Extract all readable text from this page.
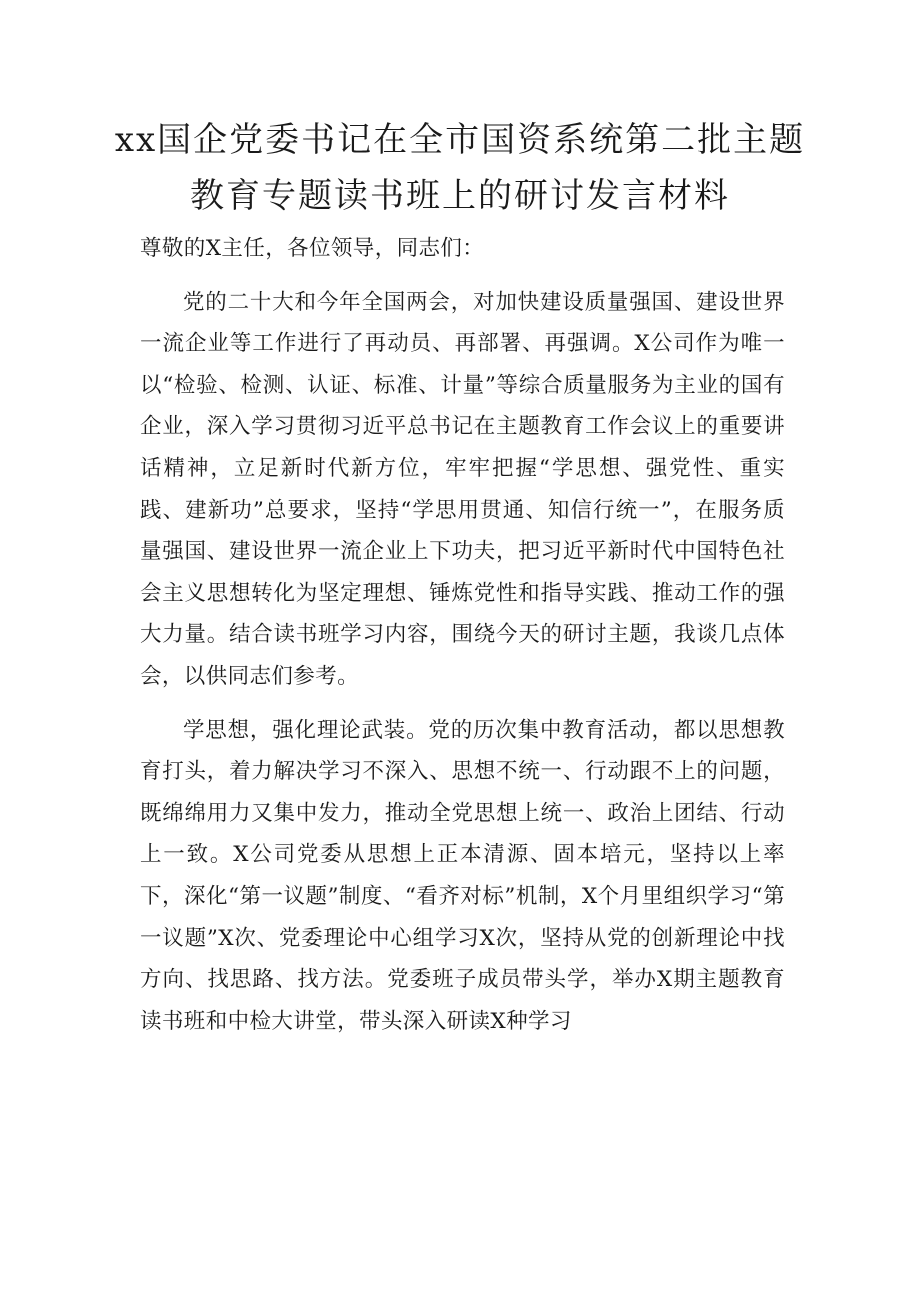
xx国企党委书记在全市国资系统第二批主题教育专题读书班上的研讨发言材料

尊敬的X主任，各位领导，同志们：

党的二十大和今年全国两会，对加快建设质量强国、建设世界一流企业等工作进行了再动员、再部署、再强调。X公司作为唯一以“检验、检测、认证、标准、计量”等综合质量服务为主业的国有企业，深入学习贯彻习近平总书记在主题教育工作会议上的重要讲话精神，立足新时代新方位，牢牢把握“学思想、强党性、重实践、建新功”总要求，坚持“学思用贯通、知信行统一”，在服务质量强国、建设世界一流企业上下功夫，把习近平新时代中国特色社会主义思想转化为坚定理想、锤炼党性和指导实践、推动工作的强大力量。结合读书班学习内容，围绕今天的研讨主题，我谈几点体会，以供同志们参考。

学思想，强化理论武装。党的历次集中教育活动，都以思想教育打头，着力解决学习不深入、思想不统一、行动跟不上的问题，既绵绵用力又集中发力，推动全党思想上统一、政治上团结、行动上一致。X公司党委从思想上正本清源、固本培元，坚持以上率下，深化“第一议题”制度、“看齐对标”机制，X个月里组织学习“第一议题”X次、党委理论中心组学习X次，坚持从党的创新理论中找方向、找思路、找方法。党委班子成员带头学，举办X期主题教育读书班和中检大讲堂，带头深入研读X种学习
